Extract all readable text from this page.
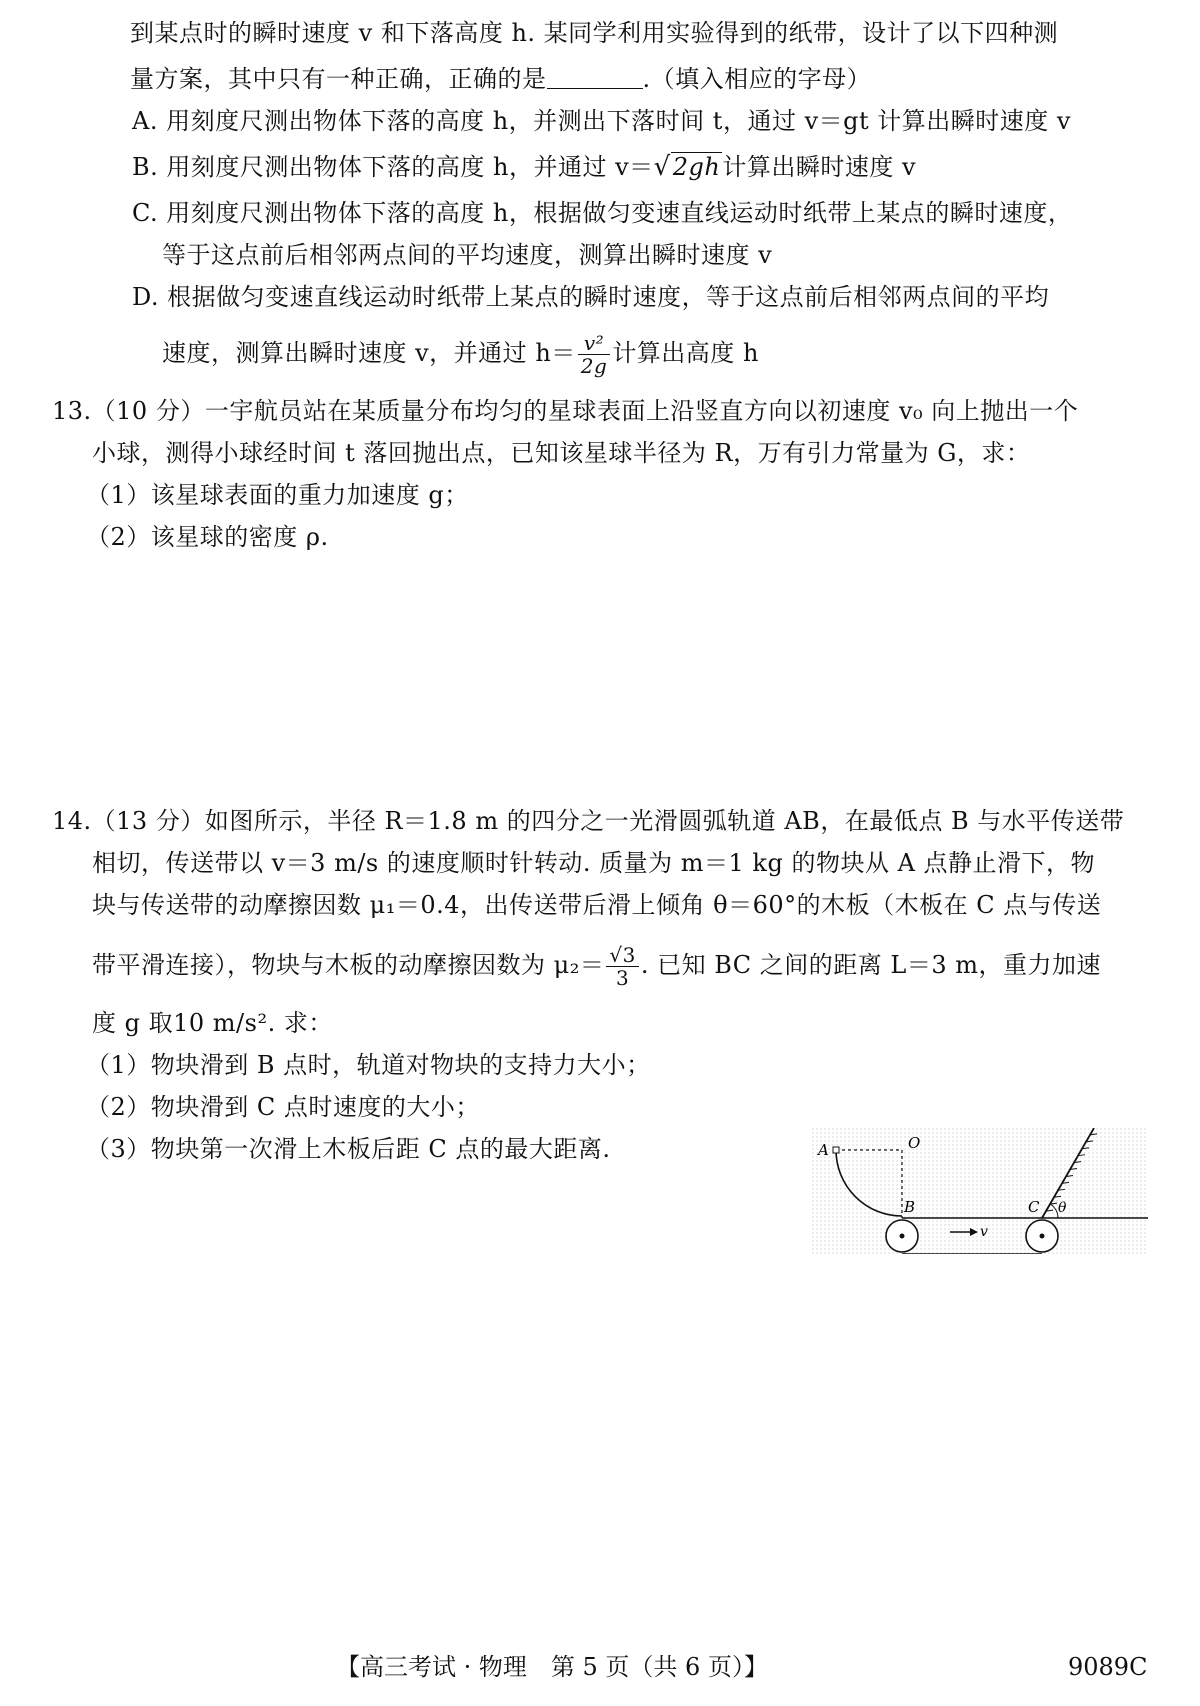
到某点时的瞬时速度 v 和下落高度 h. 某同学利用实验得到的纸带，设计了以下四种测
量方案，其中只有一种正确，正确的是	.（填入相应的字母）
A. 用刻度尺测出物体下落的高度 h，并测出下落时间 t，通过 v＝gt 计算出瞬时速度 v
B. 用刻度尺测出物体下落的高度 h，并通过 v＝√2gh计算出瞬时速度 v
C. 用刻度尺测出物体下落的高度 h，根据做匀变速直线运动时纸带上某点的瞬时速度，
等于这点前后相邻两点间的平均速度，测算出瞬时速度 v
D. 根据做匀变速直线运动时纸带上某点的瞬时速度，等于这点前后相邻两点间的平均
速度，测算出瞬时速度 v，并通过 $h= \frac{\text{v²}}{2g}$ 计算出高度 h
13.（10 分）一宇航员站在某质量分布均匀的星球表面上沿竖直方向以初速度 v₀ 向上抛出一个
小球，测得小球经时间 t 落回抛出点，已知该星球半径为 R，万有引力常量为 G，求：
（1）该星球表面的重力加速度 g；
（2）该星球的密度 ρ.
14.（13 分）如图所示，半径 R＝1.8 m 的四分之一光滑圆弧轨道 AB，在最低点 B 与水平传送带
相切，传送带以 v＝3 m/s 的速度顺时针转动. 质量为 m＝1 kg 的物块从 A 点静止滑下，物
块与传送带的动摩擦因数 μ₁＝0.4，出传送带后滑上倾角 θ＝60°的木板（木板在 C 点与传送
带平滑连接），物块与木板的动摩擦因数为 $\mu_2= \frac{√3}{3}$ . 已知 BC 之间的距离 L＝3 m，重力加速
度 g 取10 m/s². 求：
（1）物块滑到 B 点时，轨道对物块的支持力大小；
（2）物块滑到 C 点时速度的大小；
（3）物块第一次滑上木板后距 C 点的最大距离.	A	O
B	C θ
v
【高三考试 · 物理　第 5 页（共 6 页）】	9089C
